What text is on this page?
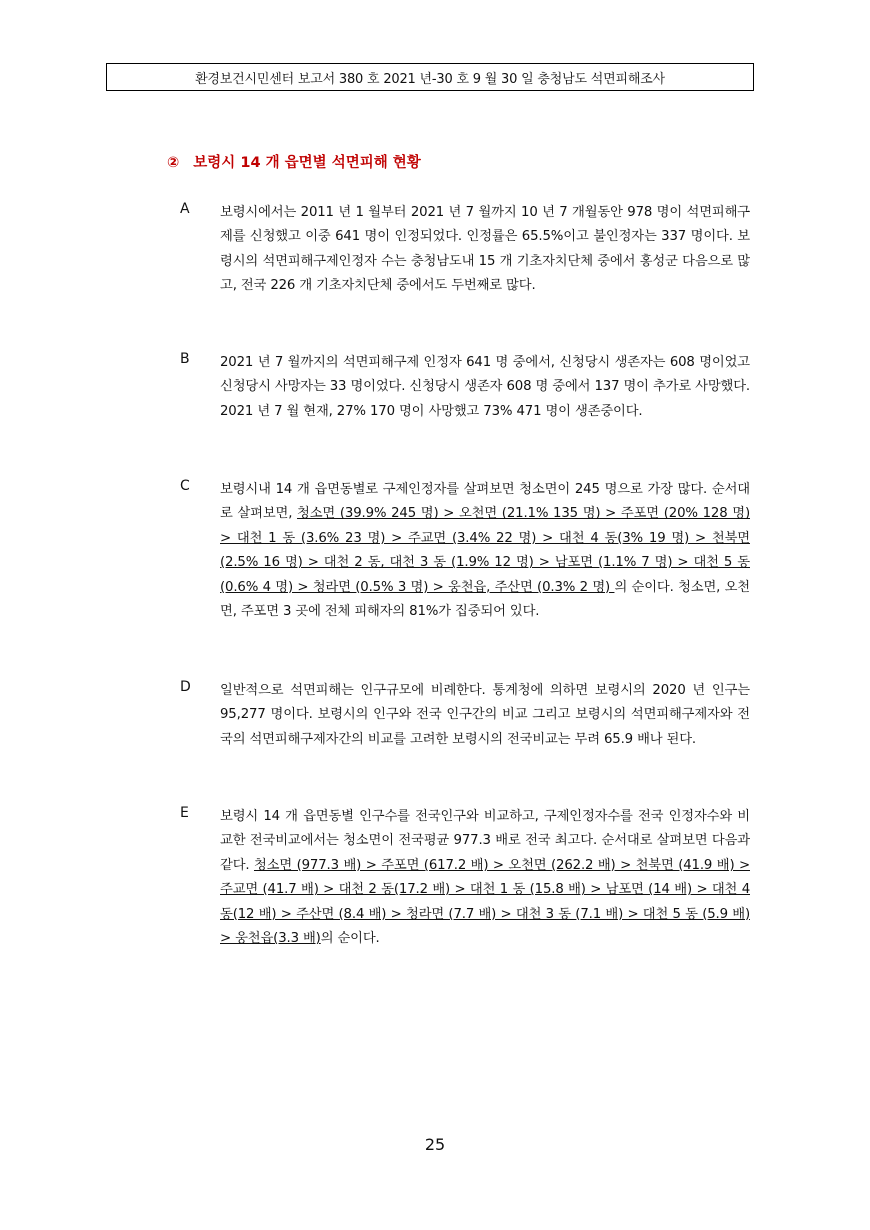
환경보건시민센터 보고서 380 호 2021 년-30 호 9 월 30 일 충청남도 석면피해조사
② 보령시 14 개 읍면별 석면피해 현황
A	보령시에서는 2011 년 1 월부터 2021 년 7 월까지 10 년 7 개월동안 978 명이 석면피해구제를 신청했고 이중 641 명이 인정되었다. 인정률은 65.5%이고 불인정자는 337 명이다. 보령시의 석면피해구제인정자 수는 충청남도내 15 개 기초자치단체 중에서 홍성군 다음으로 많고, 전국 226 개 기초자치단체 중에서도 두번째로 많다.
B	2021 년 7 월까지의 석면피해구제 인정자 641 명 중에서, 신청당시 생존자는 608 명이었고 신청당시 사망자는 33 명이었다. 신청당시 생존자 608 명 중에서 137 명이 추가로 사망했다. 2021 년 7 월 현재, 27% 170 명이 사망했고 73% 471 명이 생존중이다.
C	보령시내 14 개 읍면동별로 구제인정자를 살펴보면 청소면이 245 명으로 가장 많다. 순서대로 살펴보면, 청소면 (39.9% 245 명) > 오천면 (21.1% 135 명) > 주포면 (20% 128 명) > 대천 1 동 (3.6% 23 명) > 주교면 (3.4% 22 명) > 대천 4 동(3% 19 명) > 천북면 (2.5% 16 명) > 대천 2 동, 대천 3 동 (1.9% 12 명) > 남포면 (1.1% 7 명) > 대천 5 동 (0.6% 4 명) > 청라면 (0.5% 3 명) > 웅천읍, 주산면 (0.3% 2 명) 의 순이다. 청소면, 오천면, 주포면 3 곳에 전체 피해자의 81%가 집중되어 있다.
D	일반적으로 석면피해는 인구규모에 비례한다. 통계청에 의하면 보령시의 2020 년 인구는 95,277 명이다. 보령시의 인구와 전국 인구간의 비교 그리고 보령시의 석면피해구제자와 전국의 석면피해구제자간의 비교를 고려한 보령시의 전국비교는 무려 65.9 배나 된다.
E	보령시 14 개 읍면동별 인구수를 전국인구와 비교하고, 구제인정자수를 전국 인정자수와 비교한 전국비교에서는 청소면이 전국평균 977.3 배로 전국 최고다. 순서대로 살펴보면 다음과 같다. 청소면 (977.3 배) > 주포면 (617.2 배) > 오천면 (262.2 배) > 천북면 (41.9 배) > 주교면 (41.7 배) > 대천 2 동(17.2 배) > 대천 1 동 (15.8 배) > 남포면 (14 배) > 대천 4 동(12 배) > 주산면 (8.4 배) > 청라면 (7.7 배) > 대천 3 동 (7.1 배) > 대천 5 동 (5.9 배) > 웅천읍(3.3 배)의 순이다.
25
